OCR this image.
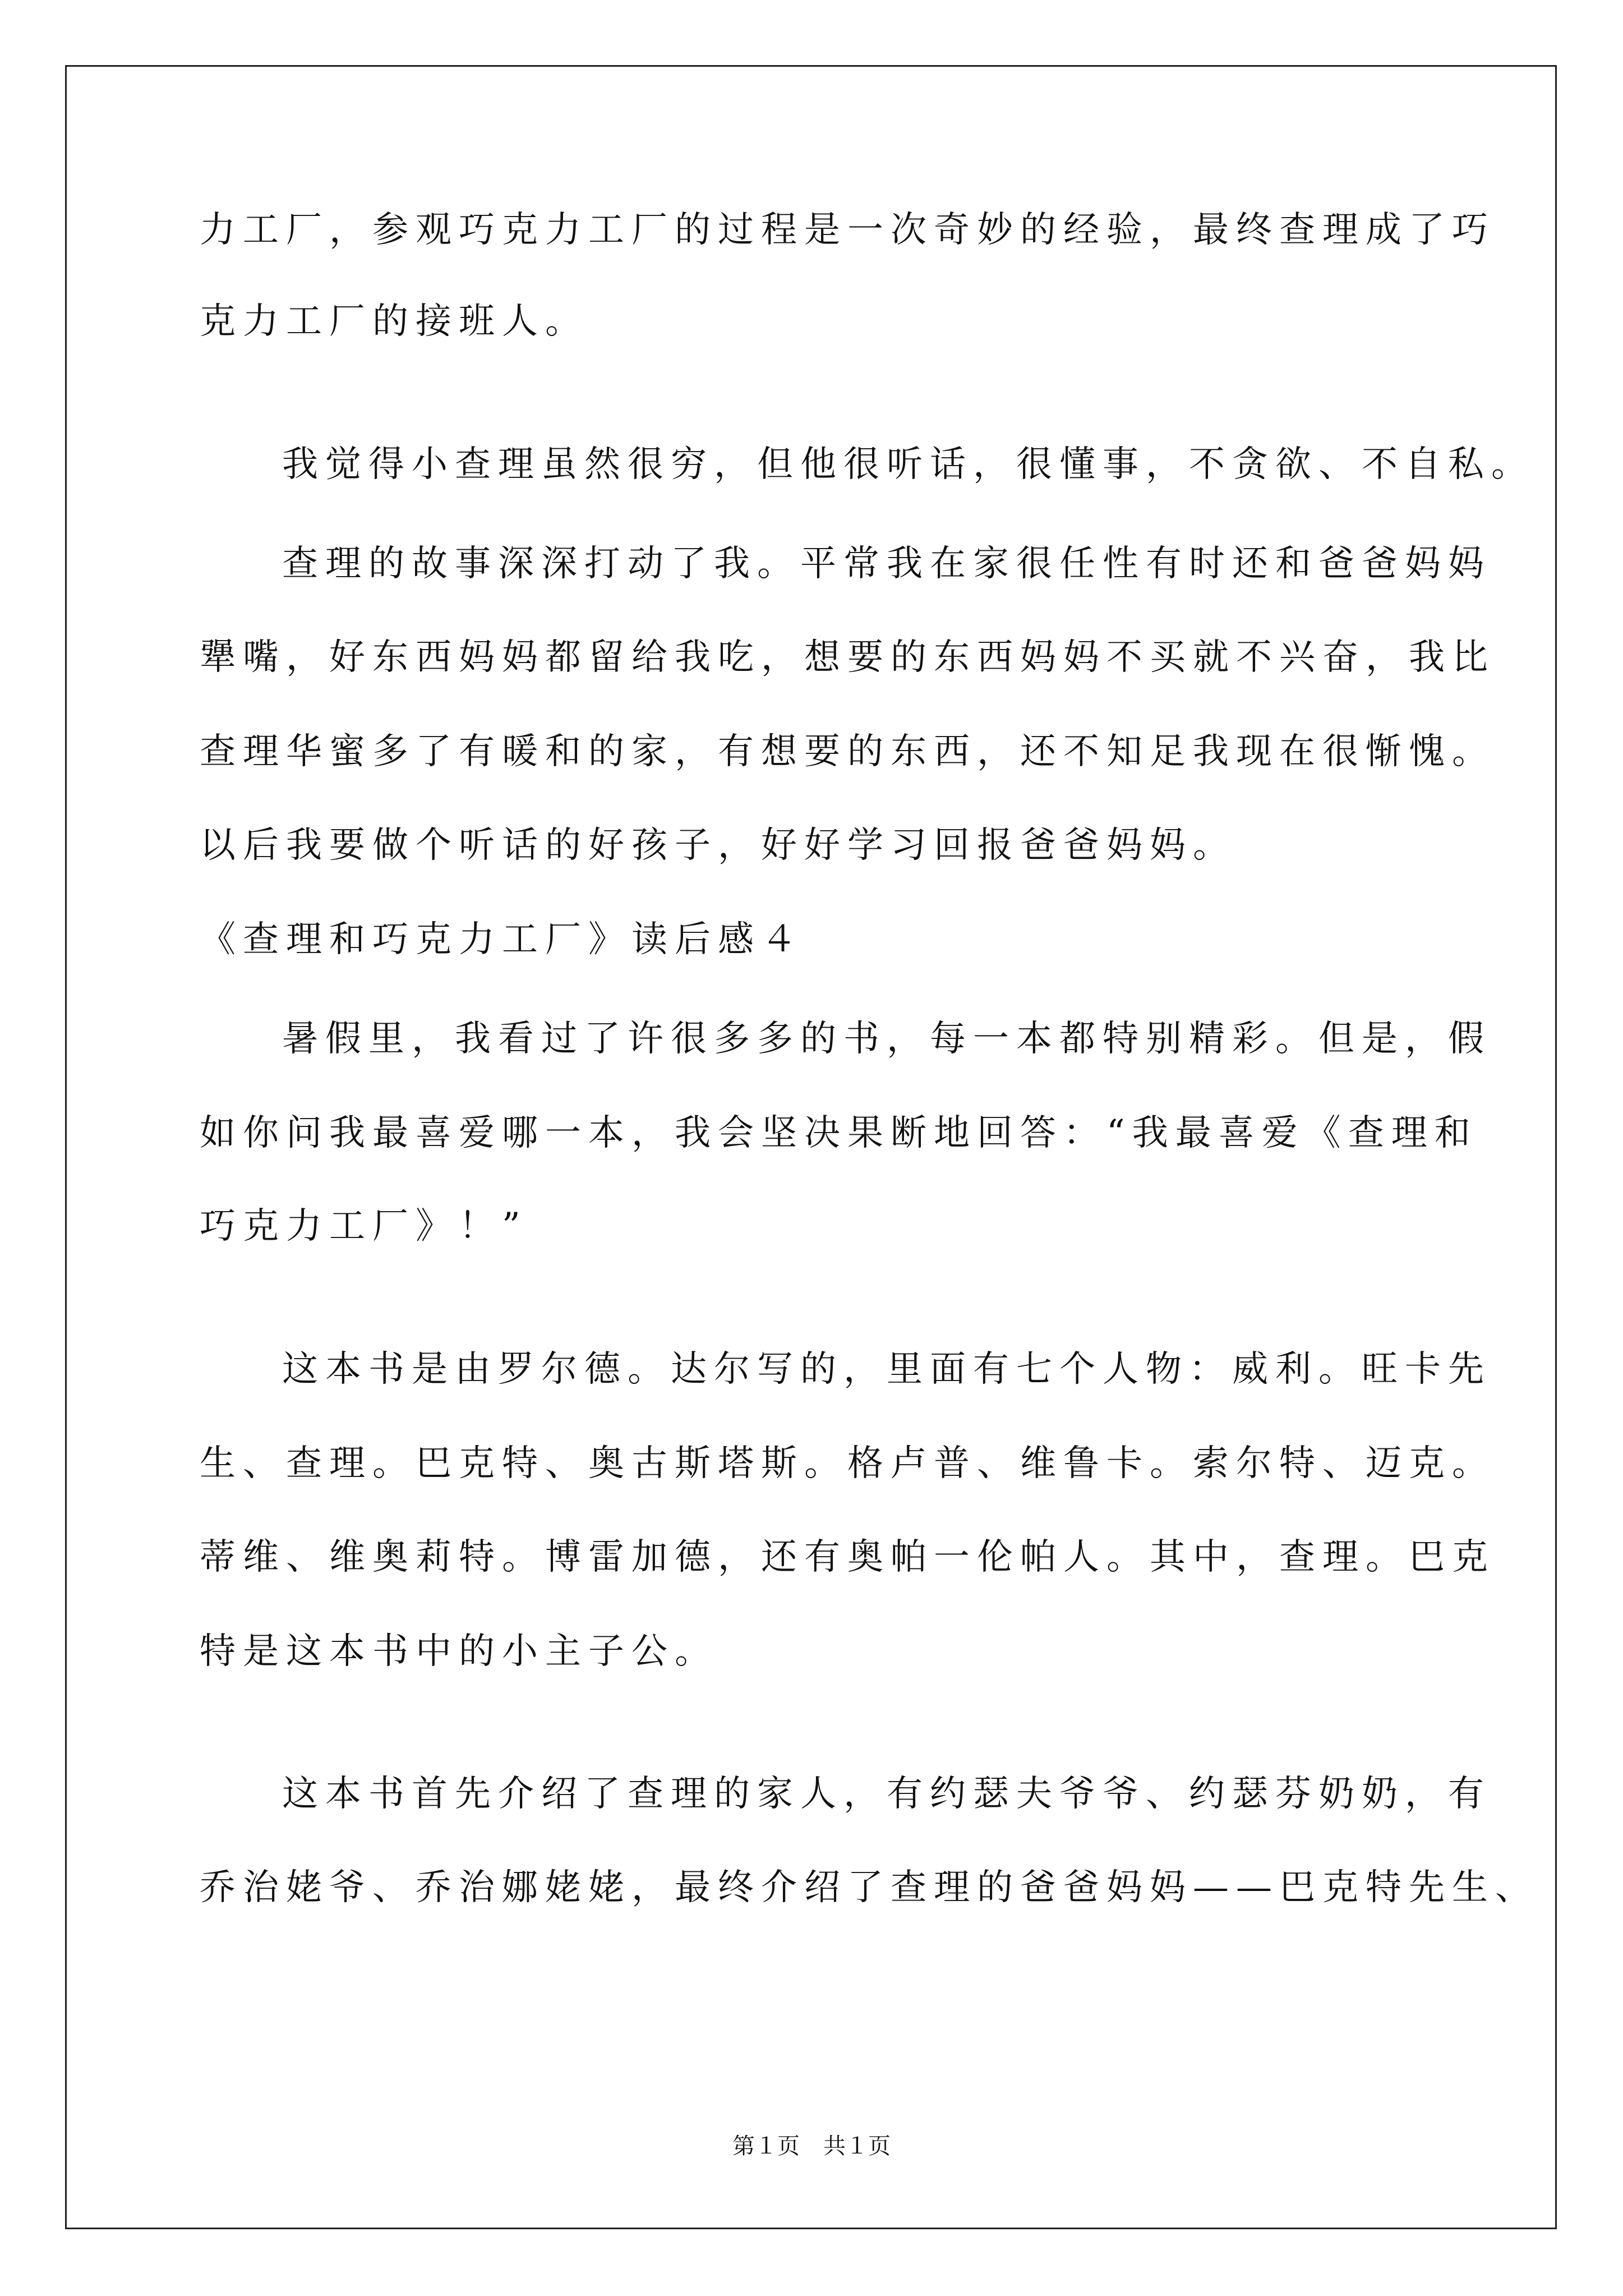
力工厂，参观巧克力工厂的过程是一次奇妙的经验，最终查理成了巧
克力工厂的接班人。
我觉得小查理虽然很穷，但他很听话，很懂事，不贪欲、不自私。
查理的故事深深打动了我。平常我在家很任性有时还和爸爸妈妈
犟嘴，好东西妈妈都留给我吃，想要的东西妈妈不买就不兴奋，我比
查理华蜜多了有暖和的家，有想要的东西，还不知足我现在很惭愧。
以后我要做个听话的好孩子，好好学习回报爸爸妈妈。
《查理和巧克力工厂》读后感４
暑假里，我看过了许很多多的书，每一本都特别精彩。但是，假
如你问我最喜爱哪一本，我会坚决果断地回答：“我最喜爱《查理和
巧克力工厂》！”
这本书是由罗尔德。达尔写的，里面有七个人物：威利。旺卡先
生、查理。巴克特、奥古斯塔斯。格卢普、维鲁卡。索尔特、迈克。
蒂维、维奥莉特。博雷加德，还有奥帕一伦帕人。其中，查理。巴克
特是这本书中的小主子公。
这本书首先介绍了查理的家人，有约瑟夫爷爷、约瑟芬奶奶，有
乔治姥爷、乔治娜姥姥，最终介绍了查理的爸爸妈妈——巴克特先生、
第１页 共１页
